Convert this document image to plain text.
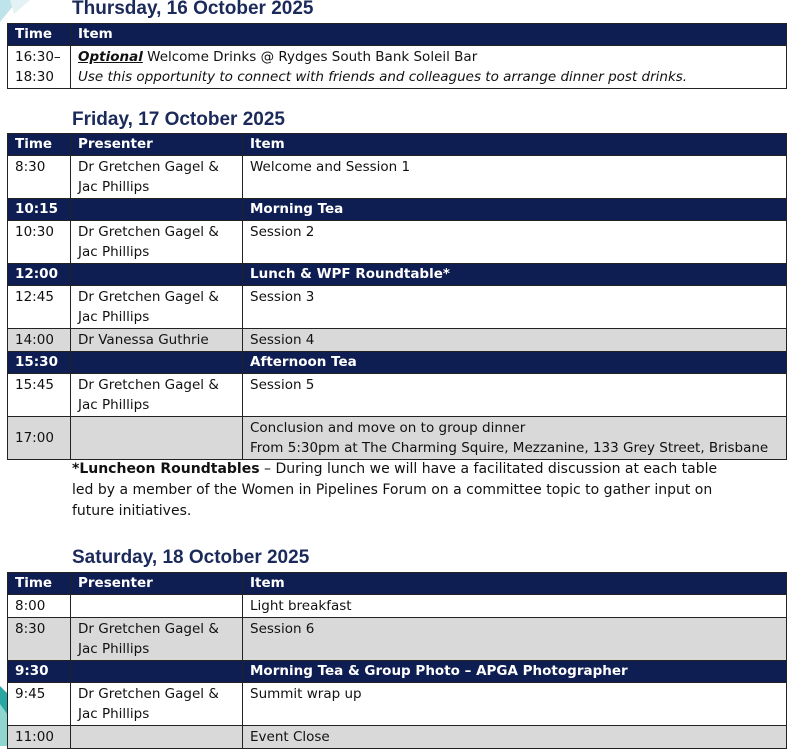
Thursday, 16 October 2025
Time	Item
16:30–
18:30	Optional Welcome Drinks @ Rydges South Bank Soleil Bar
Use this opportunity to connect with friends and colleagues to arrange dinner post drinks.
Friday, 17 October 2025
Time	Presenter	Item
8:30	Dr Gretchen Gagel &
Jac Phillips	Welcome and Session 1
10:15		Morning Tea
10:30	Dr Gretchen Gagel &
Jac Phillips	Session 2
12:00		Lunch & WPF Roundtable*
12:45	Dr Gretchen Gagel &
Jac Phillips	Session 3
14:00	Dr Vanessa Guthrie	Session 4
15:30		Afternoon Tea
15:45	Dr Gretchen Gagel &
Jac Phillips	Session 5
17:00		Conclusion and move on to group dinner
From 5:30pm at The Charming Squire, Mezzanine, 133 Grey Street, Brisbane
*Luncheon Roundtables – During lunch we will have a facilitated discussion at each table led by a member of the Women in Pipelines Forum on a committee topic to gather input on future initiatives.
Saturday, 18 October 2025
Time	Presenter	Item
8:00		Light breakfast
8:30	Dr Gretchen Gagel &
Jac Phillips	Session 6
9:30		Morning Tea & Group Photo – APGA Photographer
9:45	Dr Gretchen Gagel &
Jac Phillips	Summit wrap up
11:00		Event Close
